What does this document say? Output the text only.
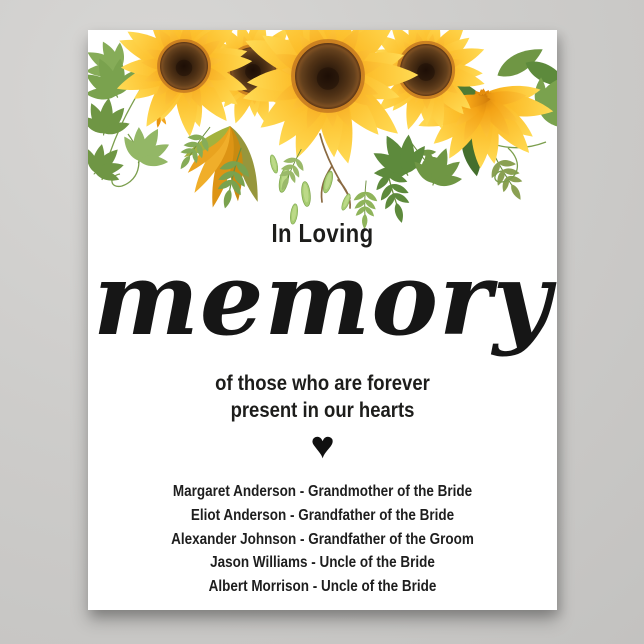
In Loving
memory
of those who are forever
present in our hearts
♥
Margaret Anderson - Grandmother of the Bride
Eliot Anderson - Grandfather of the Bride
Alexander Johnson - Grandfather of the Groom
Jason Williams - Uncle of the Bride
Albert Morrison - Uncle of the Bride
